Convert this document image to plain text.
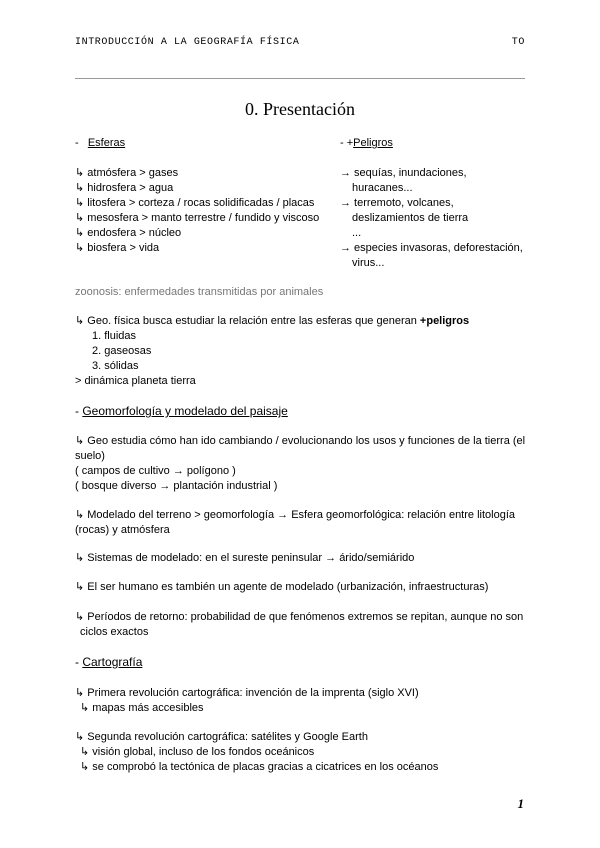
INTRODUCCIÓN A LA GEOGRAFÍA FÍSICA	TO
0. Presentación
- Esferas
↳ atmósfera > gases
↳ hidrosfera > agua
↳ litosfera > corteza / rocas solidificadas / placas
↳ mesosfera > manto terrestre / fundido y viscoso
↳ endosfera > núcleo
↳ biosfera > vida
- +Peligros
→ sequías, inundaciones,
huracanes...
→ terremoto, volcanes,
deslizamientos de tierra
...
→ especies invasoras, deforestación,
virus...
zoonosis: enfermedades transmitidas por animales
↳ Geo. física busca estudiar la relación entre las esferas que generan +peligros
1. fluidas
2. gaseosas
3. sólidas
> dinámica planeta tierra
- Geomorfología y modelado del paisaje
↳ Geo estudia cómo han ido cambiando / evolucionando los usos y funciones de la tierra (el
suelo)
( campos de cultivo → polígono )
( bosque diverso → plantación industrial )
↳ Modelado del terreno > geomorfología → Esfera geomorfológica: relación entre litología
(rocas) y atmósfera
↳ Sistemas de modelado: en el sureste peninsular → árido/semiárido
↳ El ser humano es también un agente de modelado (urbanización, infraestructuras)
↳ Períodos de retorno: probabilidad de que fenómenos extremos se repitan, aunque no son
ciclos exactos
- Cartografía
↳ Primera revolución cartográfica: invención de la imprenta (siglo XVI)
↳ mapas más accesibles
↳ Segunda revolución cartográfica: satélites y Google Earth
↳ visión global, incluso de los fondos oceánicos
↳ se comprobó la tectónica de placas gracias a cicatrices en los océanos
1
